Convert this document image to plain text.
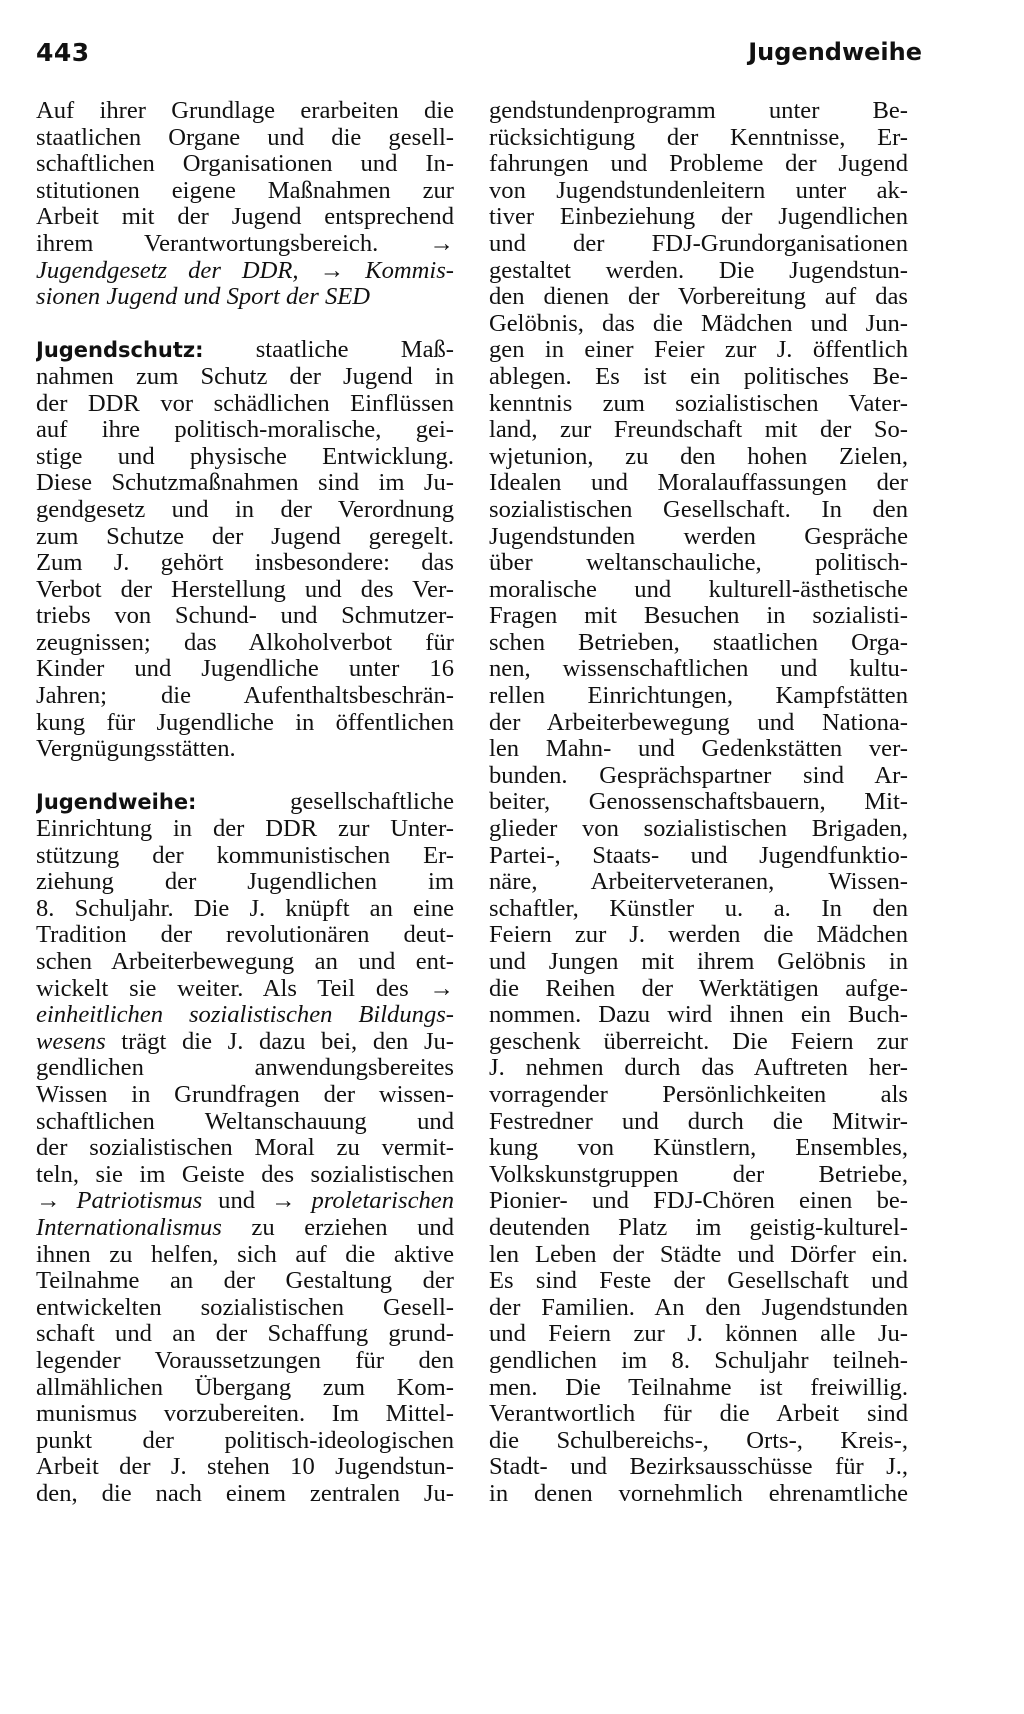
443	Jugendweihe
Auf ihrer Grundlage erarbeiten die
staatlichen Organe und die gesell-
schaftlichen Organisationen und In-
stitutionen eigene Maßnahmen zur
Arbeit mit der Jugend entsprechend
ihrem Verantwortungsbereich. →
Jugendgesetz der DDR, → Kommis-
sionen Jugend und Sport der SED
Jugendschutz: staatliche Maß-
nahmen zum Schutz der Jugend in
der DDR vor schädlichen Einflüssen
auf ihre politisch-moralische, gei-
stige und physische Entwicklung.
Diese Schutzmaßnahmen sind im Ju-
gendgesetz und in der Verordnung
zum Schutze der Jugend geregelt.
Zum J. gehört insbesondere: das
Verbot der Herstellung und des Ver-
triebs von Schund- und Schmutzer-
zeugnissen; das Alkoholverbot für
Kinder und Jugendliche unter 16
Jahren; die Aufenthaltsbeschrän-
kung für Jugendliche in öffentlichen
Vergnügungsstätten.
Jugendweihe: gesellschaftliche
Einrichtung in der DDR zur Unter-
stützung der kommunistischen Er-
ziehung der Jugendlichen im
8. Schuljahr. Die J. knüpft an eine
Tradition der revolutionären deut-
schen Arbeiterbewegung an und ent-
wickelt sie weiter. Als Teil des →
einheitlichen sozialistischen Bildungs-
wesens trägt die J. dazu bei, den Ju-
gendlichen anwendungsbereites
Wissen in Grundfragen der wissen-
schaftlichen Weltanschauung und
der sozialistischen Moral zu vermit-
teln, sie im Geiste des sozialistischen
→ Patriotismus und → proletarischen
Internationalismus zu erziehen und
ihnen zu helfen, sich auf die aktive
Teilnahme an der Gestaltung der
entwickelten sozialistischen Gesell-
schaft und an der Schaffung grund-
legender Voraussetzungen für den
allmählichen Übergang zum Kom-
munismus vorzubereiten. Im Mittel-
punkt der politisch-ideologischen
Arbeit der J. stehen 10 Jugendstun-
den, die nach einem zentralen Ju-
gendstundenprogramm unter Be-
rücksichtigung der Kenntnisse, Er-
fahrungen und Probleme der Jugend
von Jugendstundenleitern unter ak-
tiver Einbeziehung der Jugendlichen
und der FDJ-Grundorganisationen
gestaltet werden. Die Jugendstun-
den dienen der Vorbereitung auf das
Gelöbnis, das die Mädchen und Jun-
gen in einer Feier zur J. öffentlich
ablegen. Es ist ein politisches Be-
kenntnis zum sozialistischen Vater-
land, zur Freundschaft mit der So-
wjetunion, zu den hohen Zielen,
Idealen und Moralauffassungen der
sozialistischen Gesellschaft. In den
Jugendstunden werden Gespräche
über weltanschauliche, politisch-
moralische und kulturell-ästhetische
Fragen mit Besuchen in sozialisti-
schen Betrieben, staatlichen Orga-
nen, wissenschaftlichen und kultu-
rellen Einrichtungen, Kampfstätten
der Arbeiterbewegung und Nationa-
len Mahn- und Gedenkstätten ver-
bunden. Gesprächspartner sind Ar-
beiter, Genossenschaftsbauern, Mit-
glieder von sozialistischen Brigaden,
Partei-, Staats- und Jugendfunktio-
näre, Arbeiterveteranen, Wissen-
schaftler, Künstler u. a. In den
Feiern zur J. werden die Mädchen
und Jungen mit ihrem Gelöbnis in
die Reihen der Werktätigen aufge-
nommen. Dazu wird ihnen ein Buch-
geschenk überreicht. Die Feiern zur
J. nehmen durch das Auftreten her-
vorragender Persönlichkeiten als
Festredner und durch die Mitwir-
kung von Künstlern, Ensembles,
Volkskunstgruppen der Betriebe,
Pionier- und FDJ-Chören einen be-
deutenden Platz im geistig-kulturel-
len Leben der Städte und Dörfer ein.
Es sind Feste der Gesellschaft und
der Familien. An den Jugendstunden
und Feiern zur J. können alle Ju-
gendlichen im 8. Schuljahr teilneh-
men. Die Teilnahme ist freiwillig.
Verantwortlich für die Arbeit sind
die Schulbereichs-, Orts-, Kreis-,
Stadt- und Bezirksausschüsse für J.,
in denen vornehmlich ehrenamtliche
